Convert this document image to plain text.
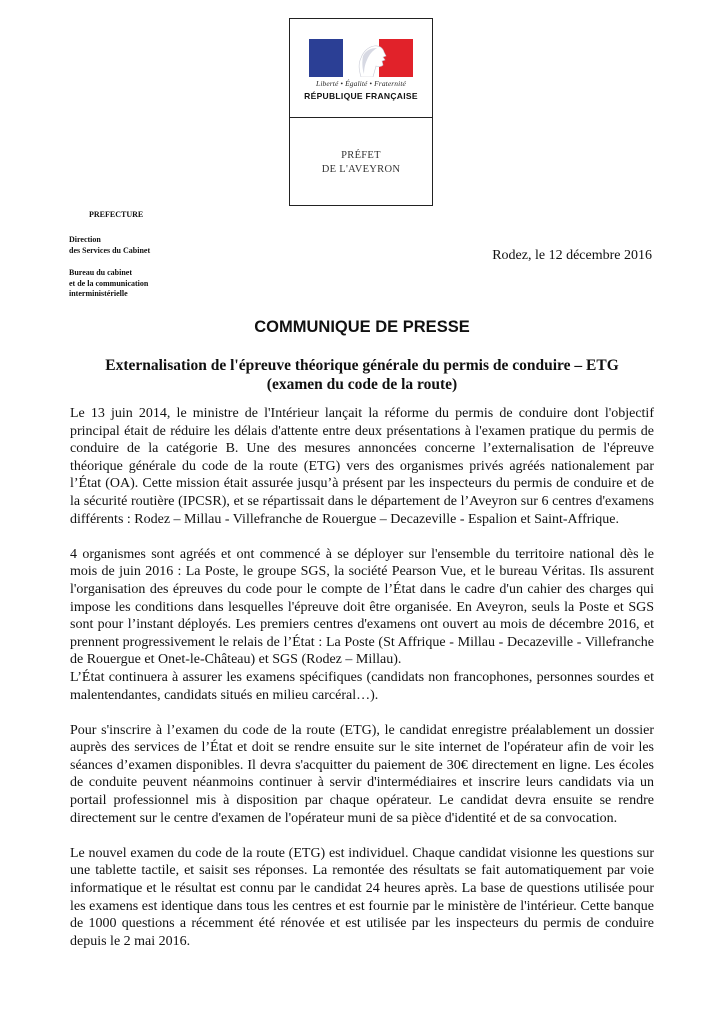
Liberté • Égalité • Fraternité
RÉPUBLIQUE FRANÇAISE
PRÉFET
DE L'AVEYRON
PREFECTURE
Direction
des Services du Cabinet
Bureau du cabinet
et de la communication
interministérielle
Rodez, le 12 décembre 2016
COMMUNIQUE DE PRESSE
Externalisation de l'épreuve théorique générale du permis de conduire – ETG
(examen du code de la route)

Le 13 juin 2014, le ministre de l'Intérieur lançait la réforme du permis de conduire dont l'objectif principal était de réduire les délais d'attente entre deux présentations à l'examen pratique du permis de conduire de la catégorie B. Une des mesures annoncées concerne l’externalisation de l'épreuve théorique générale du code de la route (ETG) vers des organismes privés agréés nationalement par l’État (OA). Cette mission était assurée jusqu’à présent par les inspecteurs du permis de conduire et de la sécurité routière (IPCSR), et se répartissait dans le département de l’Aveyron sur 6 centres d'examens différents : Rodez – Millau - Villefranche de Rouergue – Decazeville - Espalion et Saint-Affrique.

4 organismes sont agréés et ont commencé à se déployer sur l'ensemble du territoire national dès le mois de juin 2016 : La Poste, le groupe SGS, la société Pearson Vue, et le bureau Véritas. Ils assurent l'organisation des épreuves du code pour le compte de l’État dans le cadre d'un cahier des charges qui impose les conditions dans lesquelles l'épreuve doit être organisée. En Aveyron, seuls la Poste et SGS sont pour l’instant déployés. Les premiers centres d'examens ont ouvert au mois de décembre 2016, et prennent progressivement le relais de l’État : La Poste (St Affrique - Millau - Decazeville - Villefranche de Rouergue et Onet-le-Château) et SGS (Rodez – Millau).

L’État continuera à assurer les examens spécifiques (candidats non francophones, personnes sourdes et malentendantes, candidats situés en milieu carcéral…).

Pour s'inscrire à l’examen du code de la route (ETG), le candidat enregistre préalablement un dossier auprès des services de l’État et doit se rendre ensuite sur le site internet de l'opérateur afin de voir les séances d’examen disponibles. Il devra s'acquitter du paiement de 30€ directement en ligne. Les écoles de conduite peuvent néanmoins continuer à servir d'intermédiaires et inscrire leurs candidats via un portail professionnel mis à disposition par chaque opérateur. Le candidat devra ensuite se rendre directement sur le centre d'examen de l'opérateur muni de sa pièce d'identité et de sa convocation.

Le nouvel examen du code de la route (ETG) est individuel. Chaque candidat visionne les questions sur une tablette tactile, et saisit ses réponses. La remontée des résultats se fait automatiquement par voie informatique et le résultat est connu par le candidat 24 heures après. La base de questions utilisée pour les examens est identique dans tous les centres et est fournie par le ministère de l'intérieur. Cette banque de 1000 questions a récemment été rénovée et est utilisée par les inspecteurs du permis de conduire depuis le 2 mai 2016.
